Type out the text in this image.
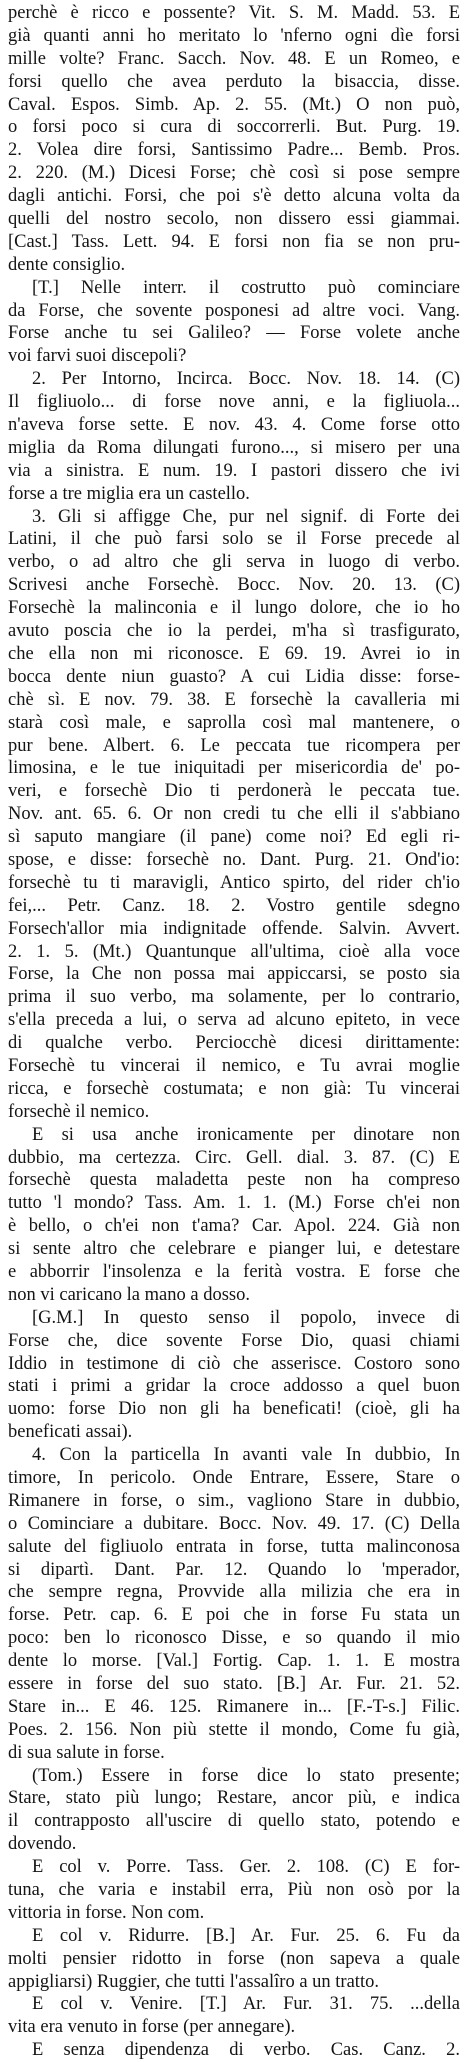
perchè è ricco e possente? Vit. S. M. Madd. 53. E
già quanti anni ho meritato lo 'nferno ogni dìe forsi
mille volte? Franc. Sacch. Nov. 48. E un Romeo, e
forsi quello che avea perduto la bisaccia, disse.
Caval. Espos. Simb. Ap. 2. 55. (Mt.) O non può,
o forsi poco si cura di soccorrerli. But. Purg. 19.
2. Volea dire forsi, Santissimo Padre... Bemb. Pros.
2. 220. (M.) Dicesi Forse; chè così si pose sempre
dagli antichi. Forsi, che poi s'è detto alcuna volta da
quelli del nostro secolo, non dissero essi giammai.
[Cast.] Tass. Lett. 94. E forsi non fia se non pru-
dente consiglio.
[T.] Nelle interr. il costrutto può cominciare
da Forse, che sovente posponesi ad altre voci. Vang.
Forse anche tu sei Galileo? — Forse volete anche
voi farvi suoi discepoli?
2. Per Intorno, Incirca. Bocc. Nov. 18. 14. (C)
Il figliuolo... di forse nove anni, e la figliuola...
n'aveva forse sette. E nov. 43. 4. Come forse otto
miglia da Roma dilungati furono..., si misero per una
via a sinistra. E num. 19. I pastori dissero che ivi
forse a tre miglia era un castello.
3. Gli si affigge Che, pur nel signif. di Forte dei
Latini, il che può farsi solo se il Forse precede al
verbo, o ad altro che gli serva in luogo di verbo.
Scrivesi anche Forsechè. Bocc. Nov. 20. 13. (C)
Forsechè la malinconia e il lungo dolore, che io ho
avuto poscia che io la perdei, m'ha sì trasfigurato,
che ella non mi riconosce. E 69. 19. Avrei io in
bocca dente niun guasto? A cui Lidia disse: forse-
chè sì. E nov. 79. 38. E forsechè la cavalleria mi
starà così male, e saprolla così mal mantenere, o
pur bene. Albert. 6. Le peccata tue ricompera per
limosina, e le tue iniquitadi per misericordia de' po-
veri, e forsechè Dio ti perdonerà le peccata tue.
Nov. ant. 65. 6. Or non credi tu che elli il s'abbiano
sì saputo mangiare (il pane) come noi? Ed egli ri-
spose, e disse: forsechè no. Dant. Purg. 21. Ond'io:
forsechè tu ti maravigli, Antico spirto, del rider ch'io
fei,... Petr. Canz. 18. 2. Vostro gentile sdegno
Forsech'allor mia indignitade offende. Salvin. Avvert.
2. 1. 5. (Mt.) Quantunque all'ultima, cioè alla voce
Forse, la Che non possa mai appiccarsi, se posto sia
prima il suo verbo, ma solamente, per lo contrario,
s'ella preceda a lui, o serva ad alcuno epiteto, in vece
di qualche verbo. Perciocchè dicesi dirittamente:
Forsechè tu vincerai il nemico, e Tu avrai moglie
ricca, e forsechè costumata; e non già: Tu vincerai
forsechè il nemico.
E si usa anche ironicamente per dinotare non
dubbio, ma certezza. Circ. Gell. dial. 3. 87. (C) E
forsechè questa maladetta peste non ha compreso
tutto 'l mondo? Tass. Am. 1. 1. (M.) Forse ch'ei non
è bello, o ch'ei non t'ama? Car. Apol. 224. Già non
si sente altro che celebrare e pianger lui, e detestare
e abborrir l'insolenza e la ferità vostra. E forse che
non vi caricano la mano a dosso.
[G.M.] In questo senso il popolo, invece di
Forse che, dice sovente Forse Dio, quasi chiami
Iddio in testimone di ciò che asserisce. Costoro sono
stati i primi a gridar la croce addosso a quel buon
uomo: forse Dio non gli ha beneficati! (cioè, gli ha
beneficati assai).
4. Con la particella In avanti vale In dubbio, In
timore, In pericolo. Onde Entrare, Essere, Stare o
Rimanere in forse, o sim., vagliono Stare in dubbio,
o Cominciare a dubitare. Bocc. Nov. 49. 17. (C) Della
salute del figliuolo entrata in forse, tutta malinconosa
si dipartì. Dant. Par. 12. Quando lo 'mperador,
che sempre regna, Provvide alla milizia che era in
forse. Petr. cap. 6. E poi che in forse Fu stata un
poco: ben lo riconosco Disse, e so quando il mio
dente lo morse. [Val.] Fortig. Cap. 1. 1. E mostra
essere in forse del suo stato. [B.] Ar. Fur. 21. 52.
Stare in... E 46. 125. Rimanere in... [F.-T-s.] Filic.
Poes. 2. 156. Non più stette il mondo, Come fu già,
di sua salute in forse.
(Tom.) Essere in forse dice lo stato presente;
Stare, stato più lungo; Restare, ancor più, e indica
il contrapposto all'uscire di quello stato, potendo e
dovendo.
E col v. Porre. Tass. Ger. 2. 108. (C) E for-
tuna, che varia e instabil erra, Più non osò por la
vittoria in forse. Non com.
E col v. Ridurre. [B.] Ar. Fur. 25. 6. Fu da
molti pensier ridotto in forse (non sapeva a quale
appigliarsi) Ruggier, che tutti l'assalîro a un tratto.
E col v. Venire. [T.] Ar. Fur. 31. 75. ...della
vita era venuto in forse (per annegare).
E senza dipendenza di verbo. Cas. Canz. 2.
